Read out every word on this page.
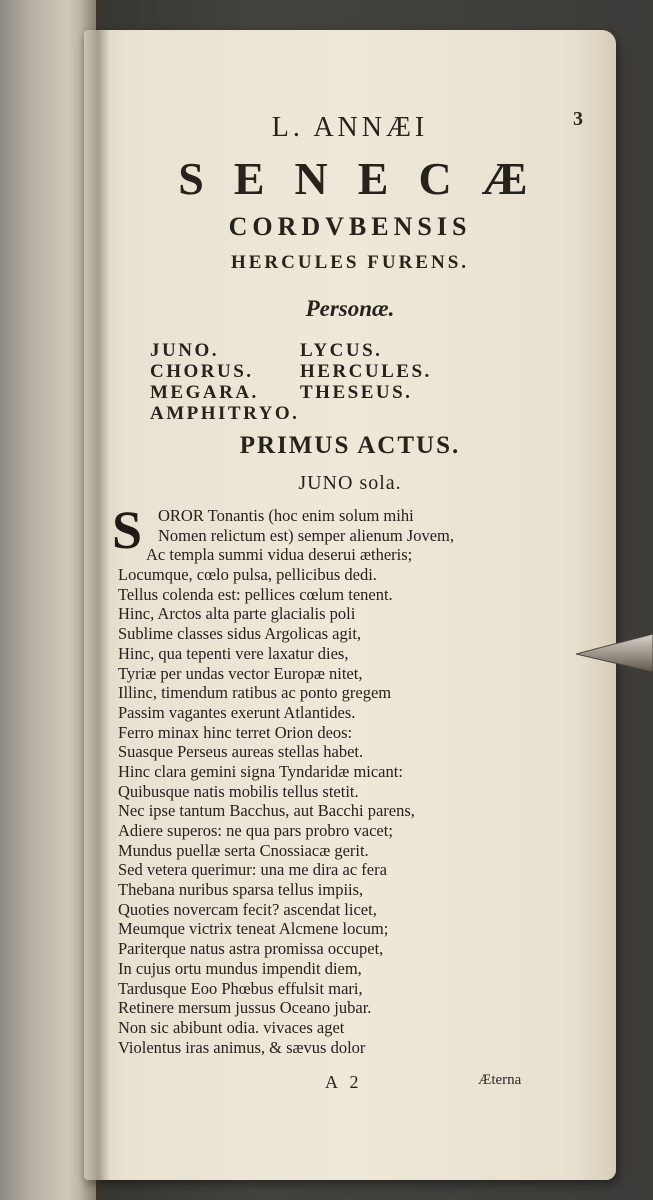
3
L. ANNÆI
SENECÆ
CORDVBENSIS
HERCULES FURENS.
Personæ.
JUNO.	LYCUS.
CHORUS.	HERCULES.
MEGARA.	THESEUS.
AMPHITRYO.
PRIMUS ACTUS.
JUNO sola.
S OROR Tonantis (hoc enim solum mihi
Nomen relictum est) semper alienum Jovem,
Ac templa summi vidua deserui ætheris;
Locumque, cœlo pulsa, pellicibus dedi.
Tellus colenda est: pellices cœlum tenent.
Hinc, Arctos alta parte glacialis poli
Sublime classes sidus Argolicas agit,
Hinc, qua tepenti vere laxatur dies,
Tyriæ per undas vector Europæ nitet,
Illinc, timendum ratibus ac ponto gregem
Passim vagantes exerunt Atlantides.
Ferro minax hinc terret Orion deos:
Suasque Perseus aureas stellas habet.
Hinc clara gemini signa Tyndaridæ micant:
Quibusque natis mobilis tellus stetit.
Nec ipse tantum Bacchus, aut Bacchi parens,
Adiere superos: ne qua pars probro vacet;
Mundus puellæ serta Cnossiacæ gerit.
Sed vetera querimur: una me dira ac fera
Thebana nuribus sparsa tellus impiis,
Quoties novercam fecit? ascendat licet,
Meumque victrix teneat Alcmene locum;
Pariterque natus astra promissa occupet,
In cujus ortu mundus impendit diem,
Tardusque Eoo Phœbus effulsit mari,
Retinere mersum jussus Oceano jubar.
Non sic abibunt odia. vivaces aget
Violentus iras animus, & sævus dolor
A 2	Æterna
